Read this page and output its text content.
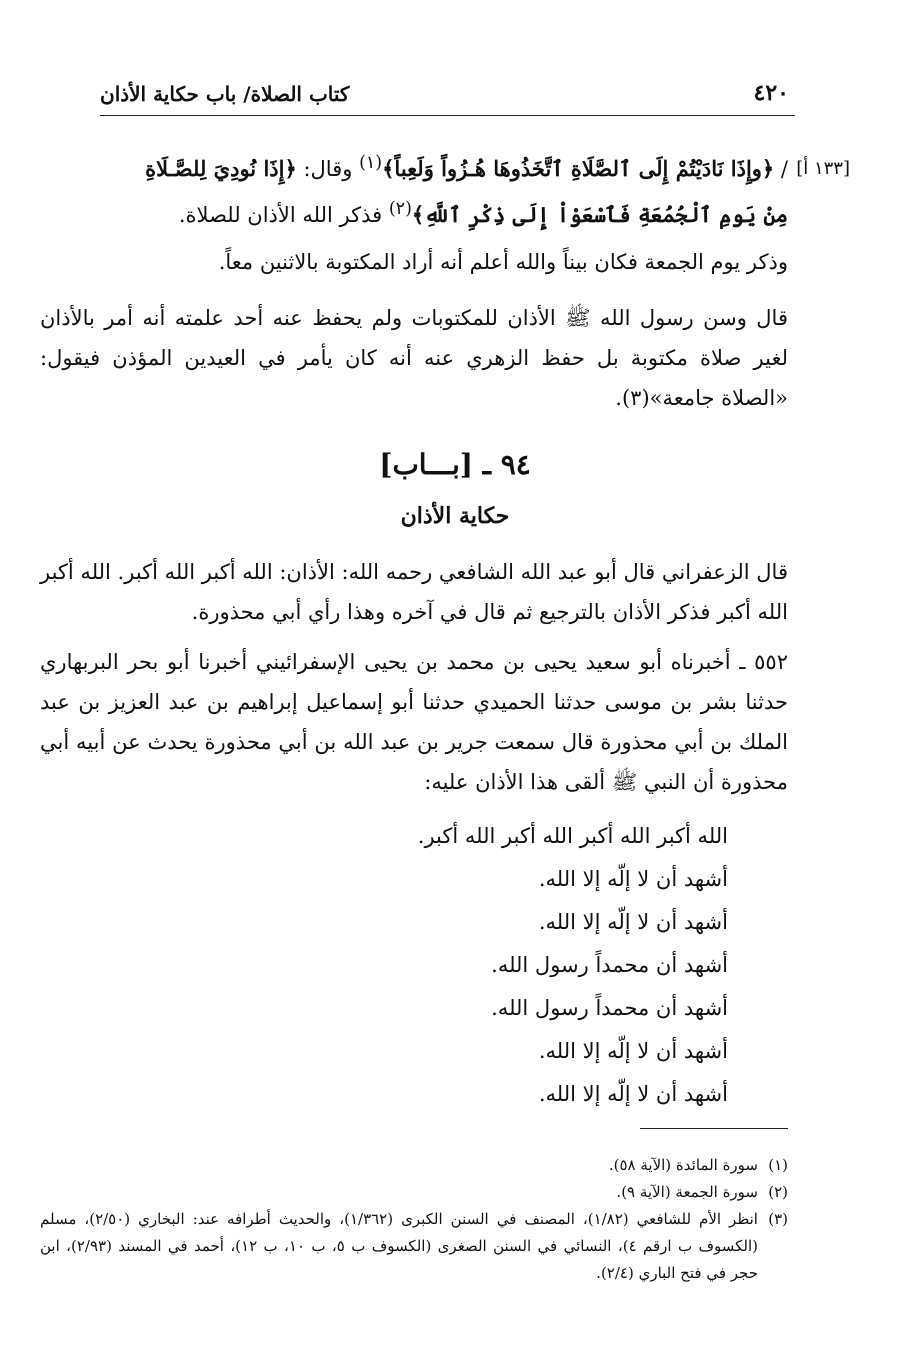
٤٢٠
كتاب الصلاة/ باب حكاية الأذان
[١٣٣ أ]
/ ﴿وإِذَا نَادَيْتُمْ إِلَى ٱلصَّلَاةِ ٱتَّخَذُوهَا هُـزُواً وَلَعِباً﴾$^{(١)}$ وقال: ﴿إِذَا نُودِيَ لِلصَّـلَاةِ
مِنْ يَومِ ٱلْجُمُعَةِ فَٱسْعَوْاْ إِلَى ذِكْرِ ٱللَّهِ﴾$^{(٢)}$ فذكر الله الأذان للصلاة.
وذكر يوم الجمعة فكان بيناً والله أعلم أنه أراد المكتوبة بالاثنين معاً.
قال وسن رسول الله ﷺ الأذان للمكتوبات ولم يحفظ عنه أحد علمته أنه أمر بالأذان لغير صلاة مكتوبة بل حفظ الزهري عنه أنه كان يأمر في العيدين المؤذن فيقول: «الصلاة جامعة»(٣).
٩٤ ـ [بـــاب]
حكاية الأذان
قال الزعفراني قال أبو عبد الله الشافعي رحمه الله: الأذان: الله أكبر الله أكبر. الله أكبر الله أكبر فذكر الأذان بالترجيع ثم قال في آخره وهذا رأي أبي محذورة.
٥٥٢ ـ أخبرناه أبو سعيد يحيى بن محمد بن يحيى الإسفرائيني أخبرنا أبو بحر البربهاري حدثنا بشر بن موسى حدثنا الحميدي حدثنا أبو إسماعيل إبراهيم بن عبد العزيز بن عبد الملك بن أبي محذورة قال سمعت جرير بن عبد الله بن أبي محذورة يحدث عن أبيه أبي محذورة أن النبي ﷺ ألقى هذا الأذان عليه:
الله أكبر الله أكبر الله أكبر الله أكبر.
أشهد أن لا إلّه إلا الله.
أشهد أن لا إلّه إلا الله.
أشهد أن محمداً رسول الله.
أشهد أن محمداً رسول الله.
أشهد أن لا إلّه إلا الله.
أشهد أن لا إلّه إلا الله.
(١)
سورة المائدة (الآية ٥٨).
(٢)
سورة الجمعة (الآية ٩).
(٣)
انظر الأم للشافعي (١/٨٢)، المصنف في السنن الكبرى (١/٣٦٢)، والحديث أطرافه عند: البخاري (٢/٥٠)، مسلم (الكسوف ب ارقم ٤)، النسائي في السنن الصغرى (الكسوف ب ٥، ب ١٠، ب ١٢)، أحمد في المسند (٢/٩٣)، ابن حجر في فتح الباري (٢/٤).
